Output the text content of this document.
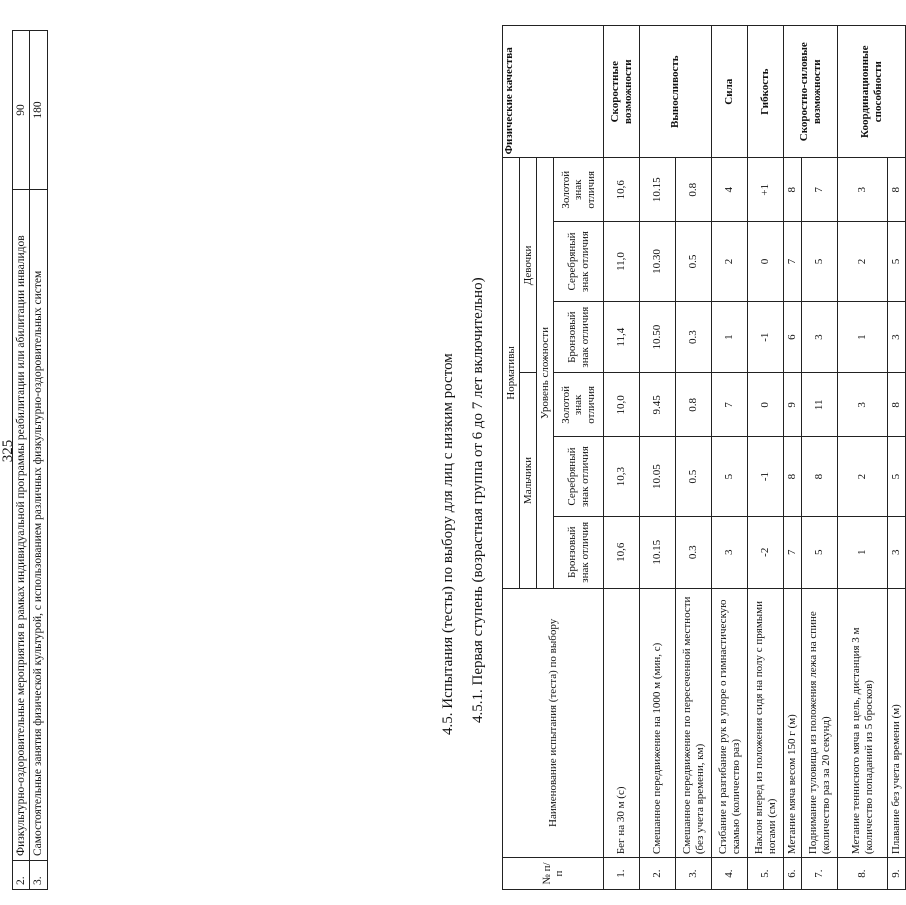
325
2.	Физкультурно-оздоровительные мероприятия в рамках индивидуальной программы реабилитации или абилитации инвалидов	90
3.	Самостоятельные занятия физической культурой, с использованием различных физкультурно-оздоровительных систем	180
4.5. Испытания (тесты) по выбору для лиц с низким ростом 4.5.1. Первая ступень (возрастная группа от 6 до 7 лет включительно)
№ п/п	Наименование испытания (теста) по выбору	Нормативы						Физические качества
		Мальчики			Девочки			
		Уровень сложности						
		Бронзовый знак отличия	Серебряный знак отличия	Золотой знак отличия	Бронзовый знак отличия	Серебряный знак отличия	Золотой знак отличия	
1.	Бег на 30 м (с)	10,6	10,3	10,0	11,4	11,0	10,6	Скоростные возможности
2.	Смешанное передвижение на 1000 м (мин, с)	10.15	10.05	9.45	10.50	10.30	10.15	Выносливость
3.	Смешанное передвижение по пересеченной местности (без учета времени, км)	0.3	0.5	0.8	0.3	0.5	0.8	
4.	Сгибание и разгибание рук в упоре о гимнастическую скамью (количество раз)	3	5	7	1	2	4	Сила
5.	Наклон вперед из положения сидя на полу с прямыми ногами (см)	-2	-1	0	-1	0	+1	Гибкость
6.	Метание мяча весом 150 г (м)	7	8	9	6	7	8	Скоростно-силовые возможности
7.	Поднимание туловища из положения лежа на спине (количество раз за 20 секунд)	5	8	11	3	5	7	
8.	Метание теннисного мяча в цель, дистанция 3 м (количество попаданий из 5 бросков)	1	2	3	1	2	3	Координационные способности
9.	Плавание без учета времени (м)	3	5	8	3	5	8	
